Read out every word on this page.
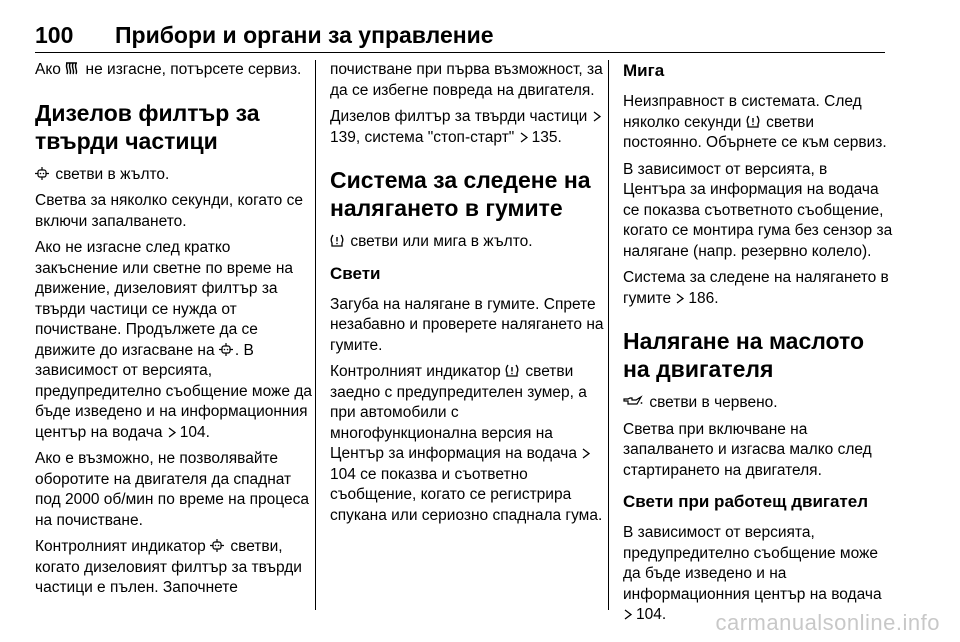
100	Прибори и органи за управление

Ако не изгасне, потърсете сервиз.

Дизелов филтър за твърди частици

светви в жълто.

Светва за няколко секунди, когато се включи запалването.

Ако не изгасне след кратко закъснение или светне по време на движение, дизеловият филтър за твърди частици се нужда от почистване. Продължете да се движите до изгасване на . В зависимост от версията, предупредително съобщение може да бъде изведено и на информационния център на водача 104.

Ако е възможно, не позволявайте оборотите на двигателя да спаднат под 2000 об/мин по време на процеса на почистване.

Контролният индикатор светви, когато дизеловият филтър за твърди частици е пълен. Започнете

почистване при първа възможност, за да се избегне повреда на двигателя.

Дизелов филтър за твърди частици 139, система "стоп-старт" 135.

Система за следене на налягането в гумите

светви или мига в жълто.

Свети

Загуба на налягане в гумите. Спрете незабавно и проверете налягането на гумите.

Контролният индикатор светви заедно с предупредителен зумер, а при автомобили с многофункционална версия на Център за информация на водача 104 се показва и съответно съобщение, когато се регистрира спукана или сериозно спаднала гума.

Мига

Неизправност в системата. След няколко секунди светви постоянно. Обърнете се към сервиз.

В зависимост от версията, в Центъра за информация на водача се показва съответното съобщение, когато се монтира гума без сензор за налягане (напр. резервно колело).

Система за следене на налягането в гумите 186.

Налягане на маслото на двигателя

светви в червено.

Светва при включване на запалването и изгасва малко след стартирането на двигателя.

Свети при работещ двигател

В зависимост от версията, предупредително съобщение може да бъде изведено и на информационния център на водача 104.	carmanualsonline.info
